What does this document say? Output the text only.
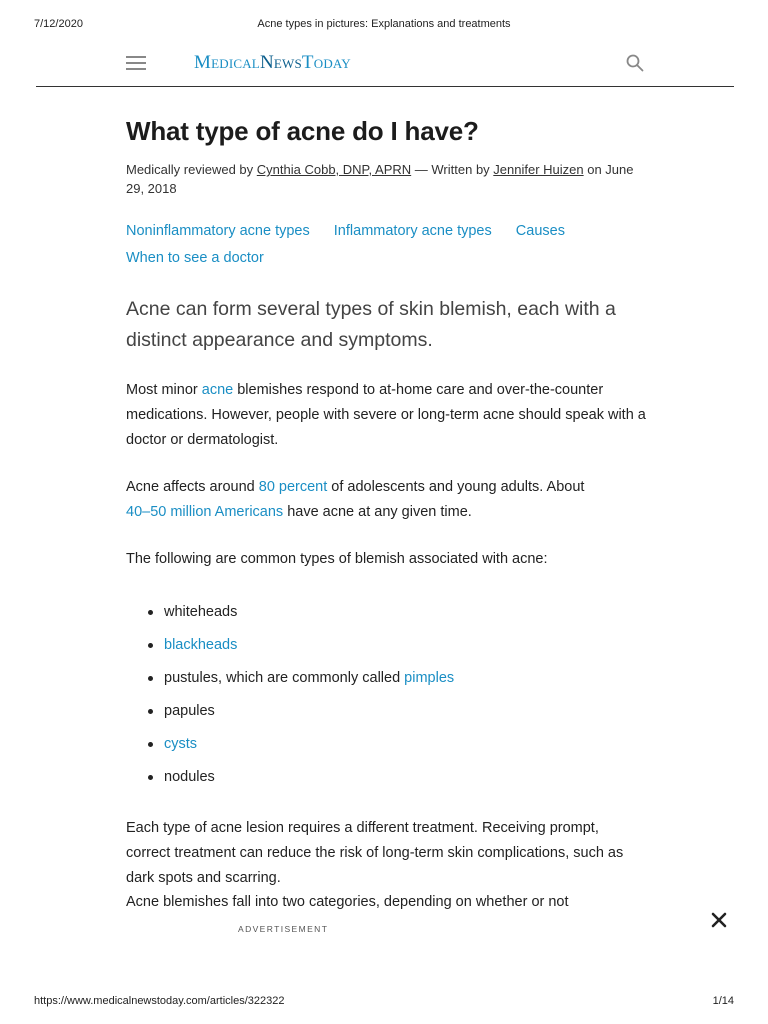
7/12/2020	Acne types in pictures: Explanations and treatments
MedicalNewsToday
What type of acne do I have?
Medically reviewed by Cynthia Cobb, DNP, APRN — Written by Jennifer Huizen on June 29, 2018
Noninflammatory acne types Inflammatory acne types Causes
When to see a doctor
Acne can form several types of skin blemish, each with a distinct appearance and symptoms.

Most minor acne blemishes respond to at-home care and over-the-counter medications. However, people with severe or long-term acne should speak with a doctor or dermatologist.

Acne affects around 80 percent of adolescents and young adults. About
40–50 million Americans have acne at any given time.

The following are common types of blemish associated with acne:

whiteheads
blackheads
pustules, which are commonly called pimples
papules
cysts
nodules

Each type of acne lesion requires a different treatment. Receiving prompt, correct treatment can reduce the risk of long-term skin complications, such as dark spots and scarring.

Acne blemishes fall into two categories, depending on whether or not
ADVERTISEMENT
https://www.medicalnewstoday.com/articles/322322	1/14
